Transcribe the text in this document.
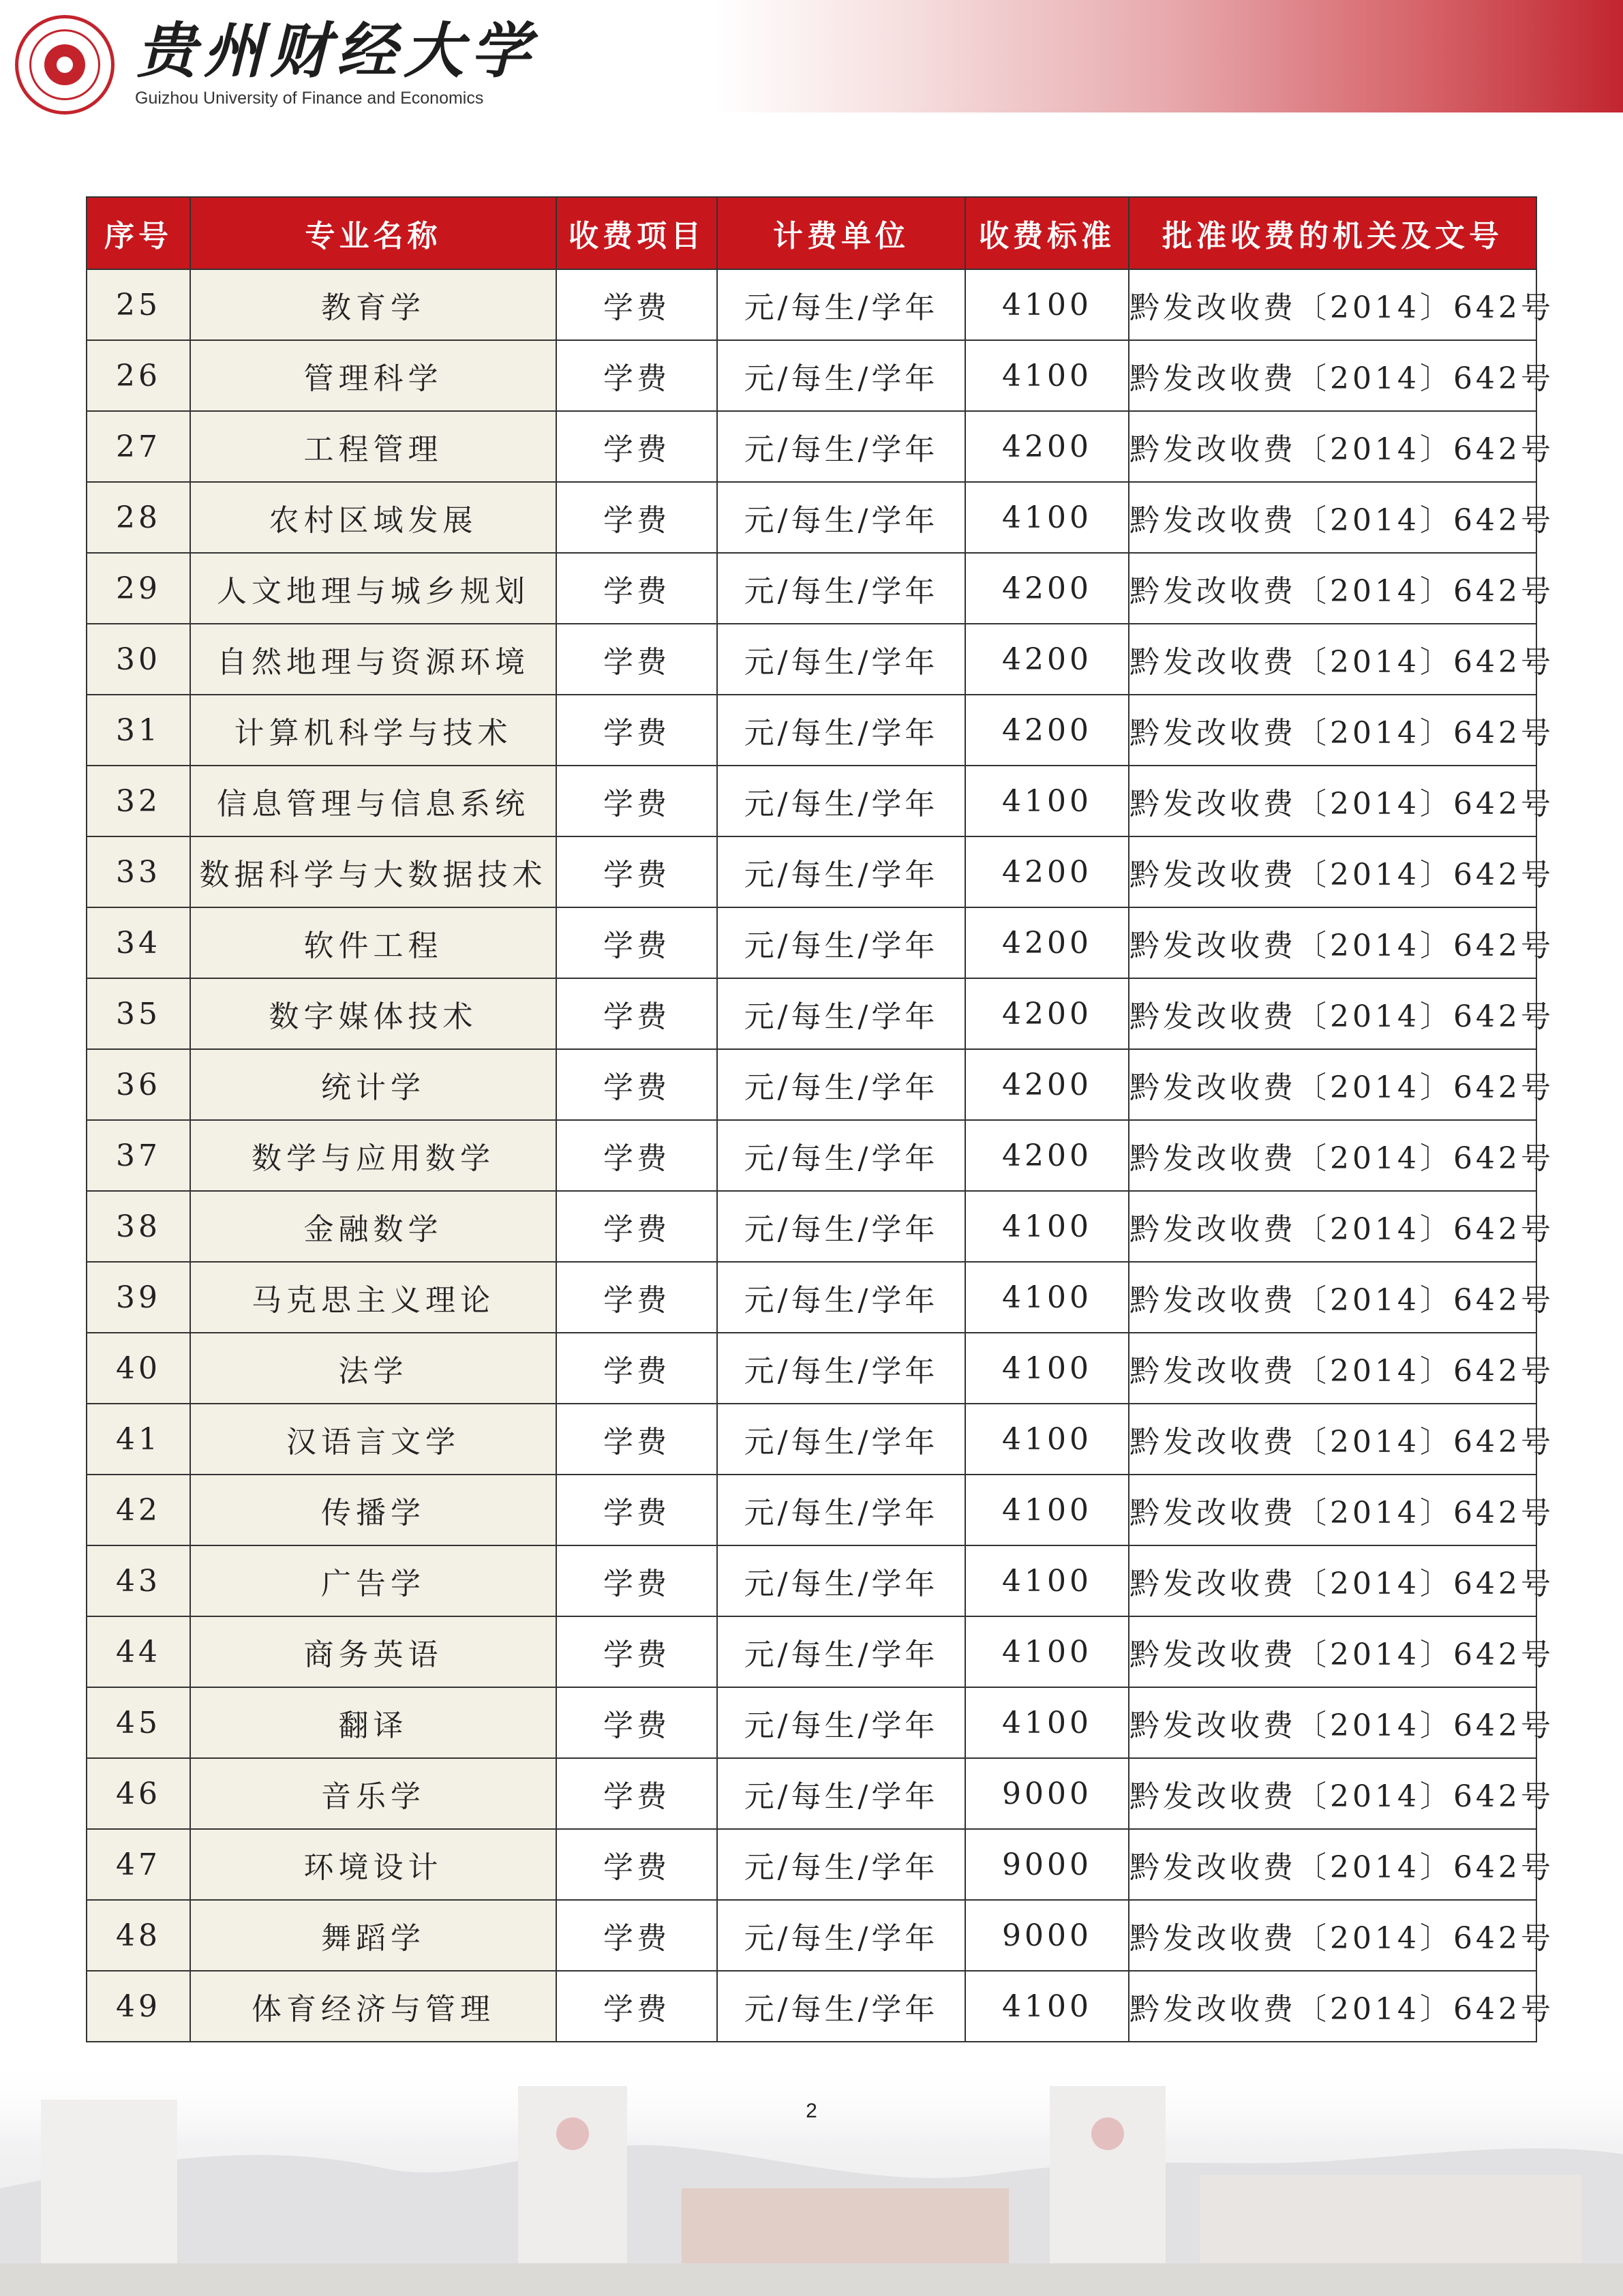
贵州财经大学
Guizhou University of Finance and Economics
序号	专业名称	收费项目	计费单位	收费标准	批准收费的机关及文号
25	教育学	学费	元/每生/学年	4100	黔发改收费〔2014〕642号
26	管理科学	学费	元/每生/学年	4100	黔发改收费〔2014〕642号
27	工程管理	学费	元/每生/学年	4200	黔发改收费〔2014〕642号
28	农村区域发展	学费	元/每生/学年	4100	黔发改收费〔2014〕642号
29	人文地理与城乡规划	学费	元/每生/学年	4200	黔发改收费〔2014〕642号
30	自然地理与资源环境	学费	元/每生/学年	4200	黔发改收费〔2014〕642号
31	计算机科学与技术	学费	元/每生/学年	4200	黔发改收费〔2014〕642号
32	信息管理与信息系统	学费	元/每生/学年	4100	黔发改收费〔2014〕642号
33	数据科学与大数据技术	学费	元/每生/学年	4200	黔发改收费〔2014〕642号
34	软件工程	学费	元/每生/学年	4200	黔发改收费〔2014〕642号
35	数字媒体技术	学费	元/每生/学年	4200	黔发改收费〔2014〕642号
36	统计学	学费	元/每生/学年	4200	黔发改收费〔2014〕642号
37	数学与应用数学	学费	元/每生/学年	4200	黔发改收费〔2014〕642号
38	金融数学	学费	元/每生/学年	4100	黔发改收费〔2014〕642号
39	马克思主义理论	学费	元/每生/学年	4100	黔发改收费〔2014〕642号
40	法学	学费	元/每生/学年	4100	黔发改收费〔2014〕642号
41	汉语言文学	学费	元/每生/学年	4100	黔发改收费〔2014〕642号
42	传播学	学费	元/每生/学年	4100	黔发改收费〔2014〕642号
43	广告学	学费	元/每生/学年	4100	黔发改收费〔2014〕642号
44	商务英语	学费	元/每生/学年	4100	黔发改收费〔2014〕642号
45	翻译	学费	元/每生/学年	4100	黔发改收费〔2014〕642号
46	音乐学	学费	元/每生/学年	9000	黔发改收费〔2014〕642号
47	环境设计	学费	元/每生/学年	9000	黔发改收费〔2014〕642号
48	舞蹈学	学费	元/每生/学年	9000	黔发改收费〔2014〕642号
49	体育经济与管理	学费	元/每生/学年	4100	黔发改收费〔2014〕642号
2
